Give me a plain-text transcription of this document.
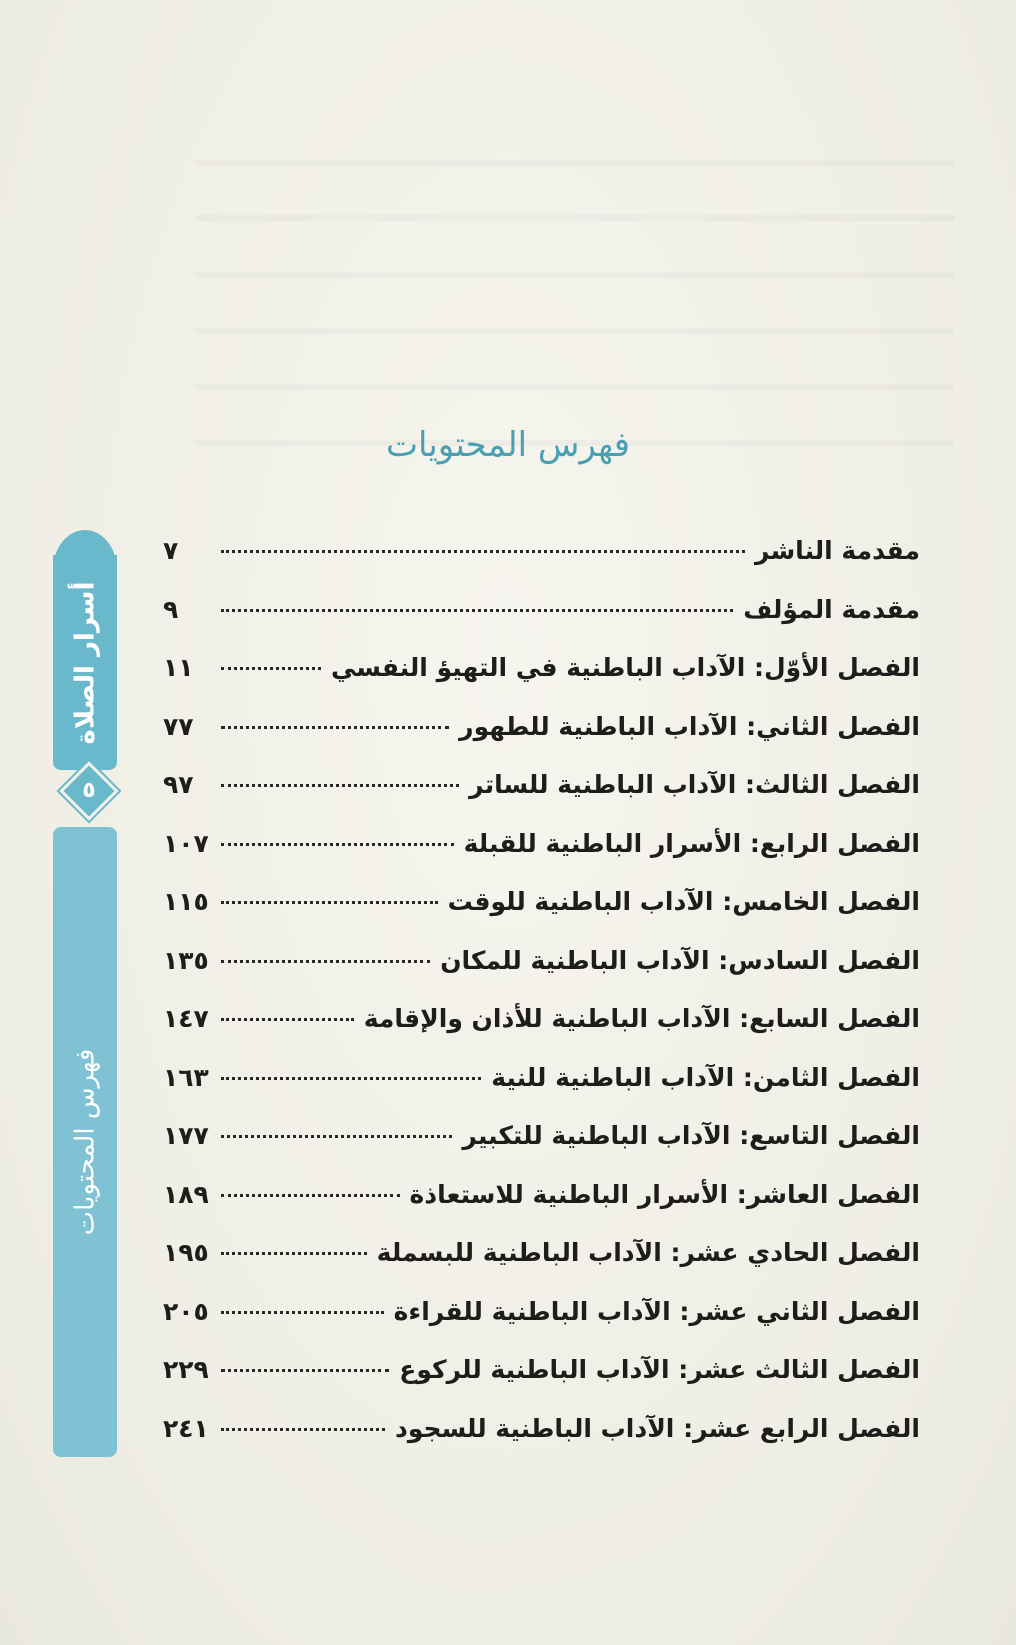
فهرس المحتويات
مقدمة الناشر
٧
مقدمة المؤلف
٩
الفصل الأوّل: الآداب الباطنية في التهيؤ النفسي
١١
الفصل الثاني: الآداب الباطنية للطهور
٧٧
الفصل الثالث: الآداب الباطنية للساتر
٩٧
الفصل الرابع: الأسرار الباطنية للقبلة
١٠٧
الفصل الخامس: الآداب الباطنية للوقت
١١٥
الفصل السادس: الآداب الباطنية للمكان
١٣٥
الفصل السابع: الآداب الباطنية للأذان والإقامة
١٤٧
الفصل الثامن: الآداب الباطنية للنية
١٦٣
الفصل التاسع: الآداب الباطنية للتكبير
١٧٧
الفصل العاشر: الأسرار الباطنية للاستعاذة
١٨٩
الفصل الحادي عشر: الآداب الباطنية للبسملة
١٩٥
الفصل الثاني عشر: الآداب الباطنية للقراءة
٢٠٥
الفصل الثالث عشر: الآداب الباطنية للركوع
٢٢٩
الفصل الرابع عشر: الآداب الباطنية للسجود
٢٤١
أسرار الصلاة
٥
فهرس المحتويات
